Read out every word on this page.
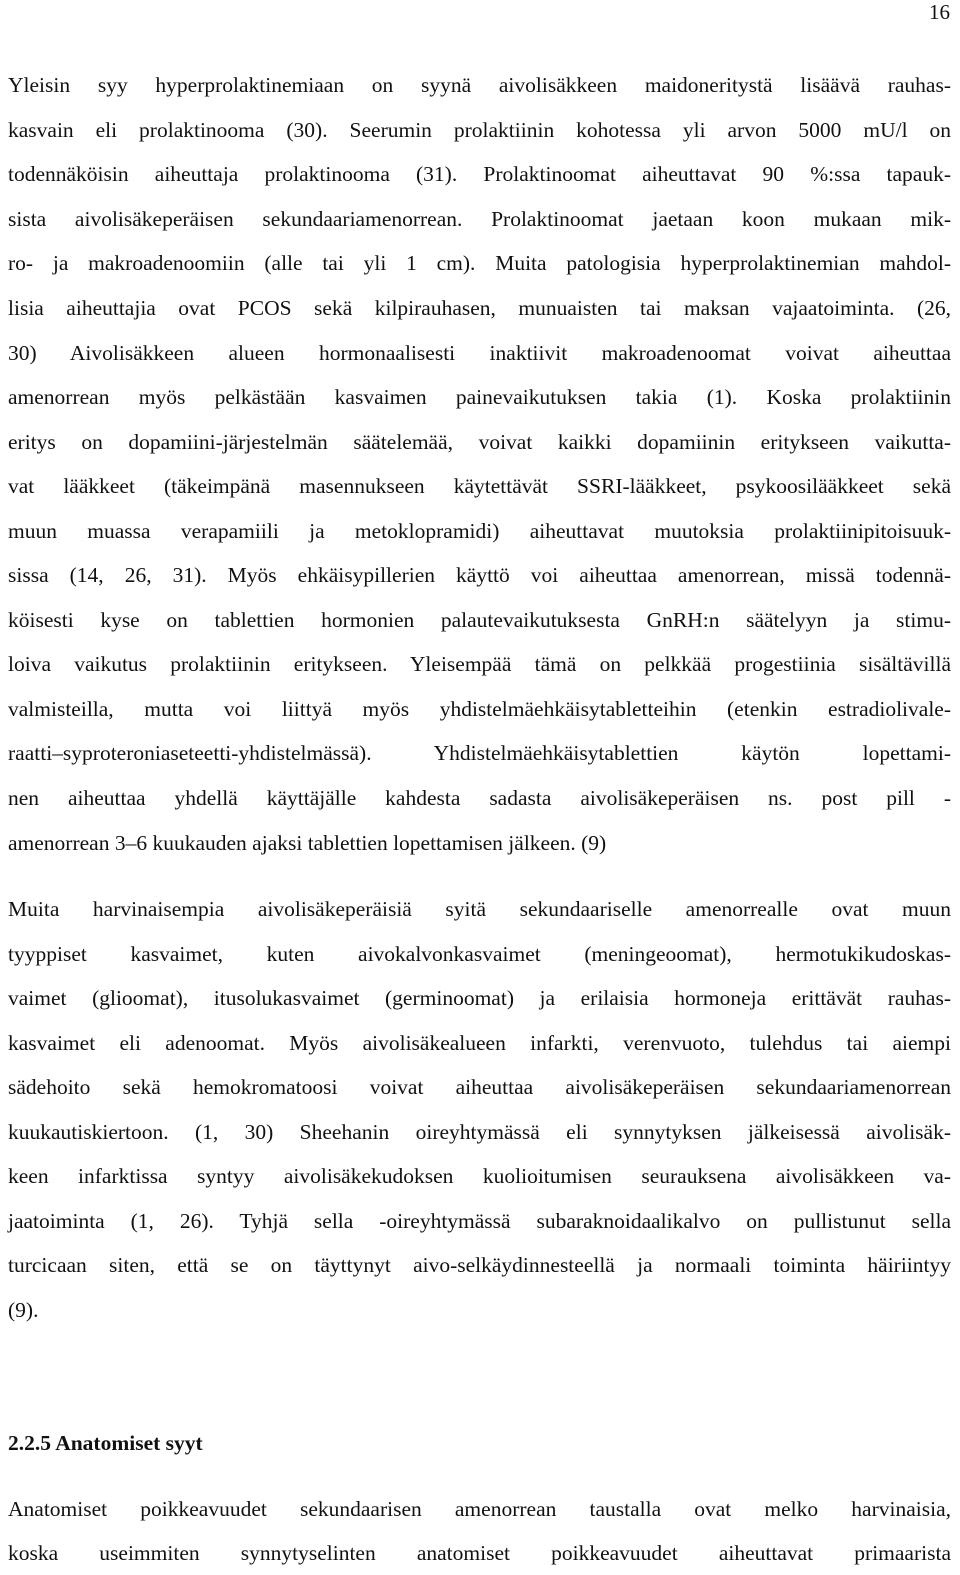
16
Yleisin syy hyperprolaktinemiaan on syynä aivolisäkkeen maidoneritystä lisäävä rauhas-
kasvain eli prolaktinooma (30). Seerumin prolaktiinin kohotessa yli arvon 5000 mU/l on
todennäköisin aiheuttaja prolaktinooma (31). Prolaktinoomat aiheuttavat 90 %:ssa tapauk-
sista aivolisäkeperäisen sekundaariamenorrean. Prolaktinoomat jaetaan koon mukaan mik-
ro- ja makroadenoomiin (alle tai yli 1 cm). Muita patologisia hyperprolaktinemian mahdol-
lisia aiheuttajia ovat PCOS sekä kilpirauhasen, munuaisten tai maksan vajaatoiminta. (26,
30) Aivolisäkkeen alueen hormonaalisesti inaktiivit makroadenoomat voivat aiheuttaa
amenorrean myös pelkästään kasvaimen painevaikutuksen takia (1). Koska prolaktiinin
eritys on dopamiini-järjestelmän säätelemää, voivat kaikki dopamiinin eritykseen vaikutta-
vat lääkkeet (täkeimpänä masennukseen käytettävät SSRI-lääkkeet, psykoosilääkkeet sekä
muun muassa verapamiili ja metoklopramidi) aiheuttavat muutoksia prolaktiinipitoisuuk-
sissa (14, 26, 31). Myös ehkäisypillerien käyttö voi aiheuttaa amenorrean, missä todennä-
köisesti kyse on tablettien hormonien palautevaikutuksesta GnRH:n säätelyyn ja stimu-
loiva vaikutus prolaktiinin eritykseen. Yleisempää tämä on pelkkää progestiinia sisältävillä
valmisteilla, mutta voi liittyä myös yhdistelmäehkäisytabletteihin (etenkin estradiolivale-
raatti–syproteroniaseteetti-yhdistelmässä). Yhdistelmäehkäisytablettien käytön lopettami-
nen aiheuttaa yhdellä käyttäjälle kahdesta sadasta aivolisäkeperäisen ns. post pill -
amenorrean 3–6 kuukauden ajaksi tablettien lopettamisen jälkeen. (9)
Muita harvinaisempia aivolisäkeperäisiä syitä sekundaariselle amenorrealle ovat muun
tyyppiset kasvaimet, kuten aivokalvonkasvaimet (meningeoomat), hermotukikudoskas-
vaimet (glioomat), itusolukasvaimet (germinoomat) ja erilaisia hormoneja erittävät rauhas-
kasvaimet eli adenoomat. Myös aivolisäkealueen infarkti, verenvuoto, tulehdus tai aiempi
sädehoito sekä hemokromatoosi voivat aiheuttaa aivolisäkeperäisen sekundaariamenorrean
kuukautiskiertoon. (1, 30) Sheehanin oireyhtymässä eli synnytyksen jälkeisessä aivolisäk-
keen infarktissa syntyy aivolisäkekudoksen kuolioitumisen seurauksena aivolisäkkeen va-
jaatoiminta (1, 26). Tyhjä sella -oireyhtymässä subaraknoidaalikalvo on pullistunut sella
turcicaan siten, että se on täyttynyt aivo-selkäydinnesteellä ja normaali toiminta häiriintyy
(9).
2.2.5 Anatomiset syyt
Anatomiset poikkeavuudet sekundaarisen amenorrean taustalla ovat melko harvinaisia,
koska useimmiten synnytyselinten anatomiset poikkeavuudet aiheuttavat primaarista
